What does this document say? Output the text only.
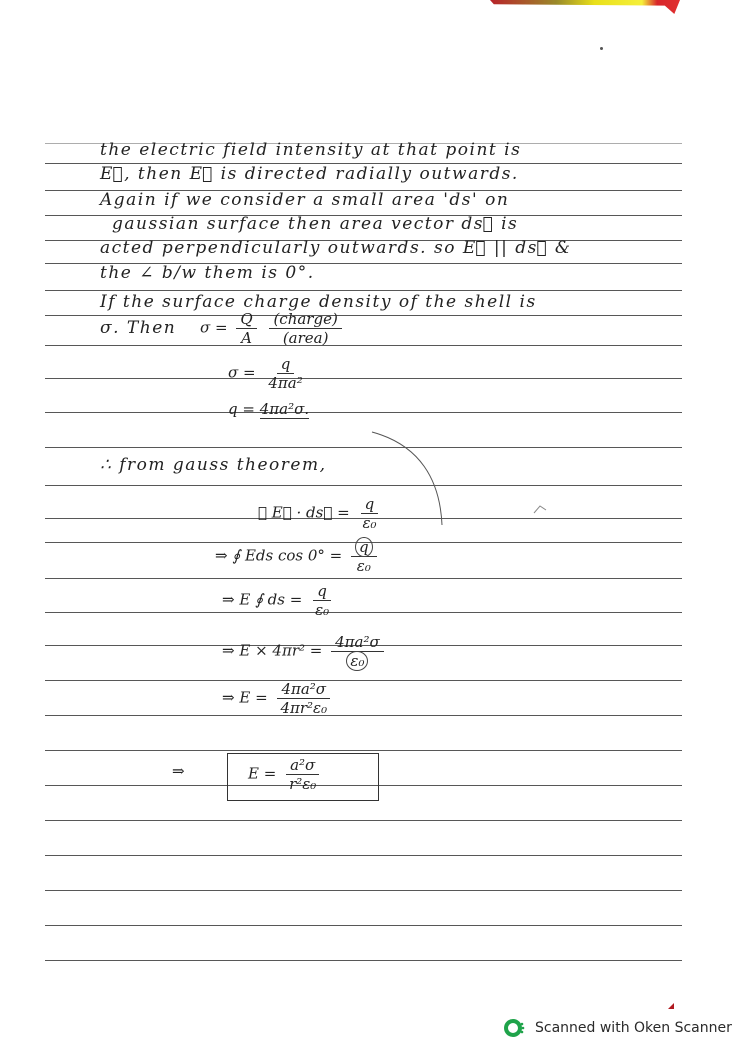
the electric field intensity at that point is
E⃗, then E⃗ is directed radially outwards.
Again if we consider a small area 'ds' on
gaussian surface then area vector ds⃗ is
acted perpendicularly outwards. so E⃗ || ds⃗ &
the ∠ b/w them is 0°.
If the surface charge density of the shell is
σ. Then $\sigma = \frac{Q}{A}$
$\frac{\text{(charge)}}{\text{(area)}}$
$\sigma = \frac{q}{\text{4πa²}}$
q = 4πa²σ.
∴ from gauss theorem,
∮ E⃗ · ds⃗ = $\frac{q}{\text{ε₀}}$
⇒ ∮ Eds $\cos 0^\circ = \frac{q}{\text{ε₀}}$
⇒ E ∮ ds = $\frac{q}{\text{ε₀}}$
⇒ $E \times 4\pi r^2 = \frac{\text{4πa²σ}}{\text{ε₀}}$
⇒ $E = \frac{\text{4πa²σ}}{\text{4πr²ε₀}}$
⇒	$E = \frac{\text{a²σ}}{\text{r²ε₀}}$
Scanned with Oken Scanner
